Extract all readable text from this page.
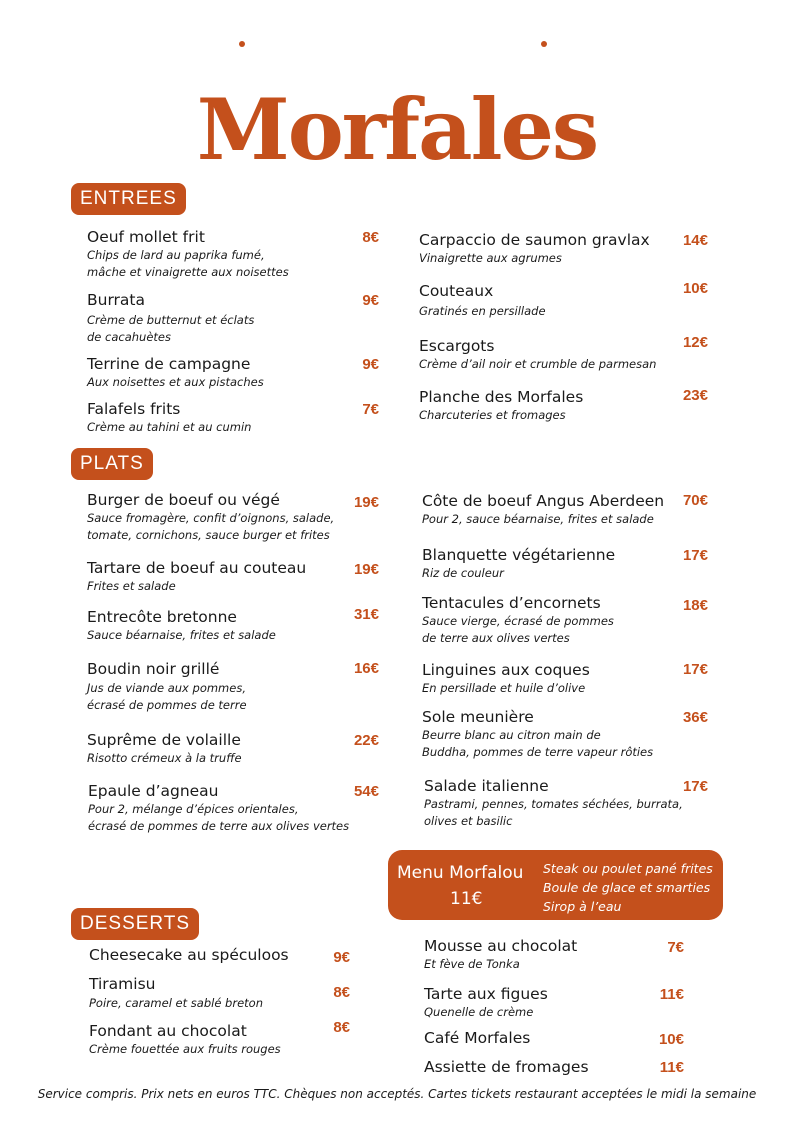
Morfales
ENTREES
Oeuf mollet frit
Chips de lard au paprika fumé,
mâche et vinaigrette aux noisettes
8€
Burrata
Crème de butternut et éclats
de cacahuètes
9€
Terrine de campagne
Aux noisettes et aux pistaches
9€
Falafels frits
Crème au tahini et au cumin
7€
Carpaccio de saumon gravlax
Vinaigrette aux agrumes
14€
Couteaux
Gratinés en persillade
10€
Escargots
Crème d’ail noir et crumble de parmesan
12€
Planche des Morfales
Charcuteries et fromages
23€
PLATS
Burger de boeuf ou végé
Sauce fromagère, confit d’oignons, salade,
tomate, cornichons, sauce burger et frites
19€
Tartare de boeuf au couteau
Frites et salade
19€
Entrecôte bretonne
Sauce béarnaise, frites et salade
31€
Boudin noir grillé
Jus de viande aux pommes,
écrasé de pommes de terre
16€
Suprême de volaille
Risotto crémeux à la truffe
22€
Epaule d’agneau
Pour 2, mélange d’épices orientales,
écrasé de pommes de terre aux olives vertes
54€
Côte de boeuf Angus Aberdeen
Pour 2, sauce béarnaise, frites et salade
70€
Blanquette végétarienne
Riz de couleur
17€
Tentacules d’encornets
Sauce vierge, écrasé de pommes
de terre aux olives vertes
18€
Linguines aux coques
En persillade et huile d’olive
17€
Sole meunière
Beurre blanc au citron main de
Buddha, pommes de terre vapeur rôties
36€
Salade italienne
Pastrami, pennes, tomates séchées, burrata,
olives et basilic
17€
Menu Morfalou
11€
Steak ou poulet pané frites
Boule de glace et smarties
Sirop à l’eau
DESSERTS
Cheesecake au spéculoos	9€
Tiramisu
Poire, caramel et sablé breton
8€
Fondant au chocolat
Crème fouettée aux fruits rouges
8€
Mousse au chocolat
Et fève de Tonka
7€
Tarte aux figues
Quenelle de crème
11€
Café Morfales	10€
Assiette de fromages	11€
Service compris. Prix nets en euros TTC. Chèques non acceptés. Cartes tickets restaurant acceptées le midi la semaine
